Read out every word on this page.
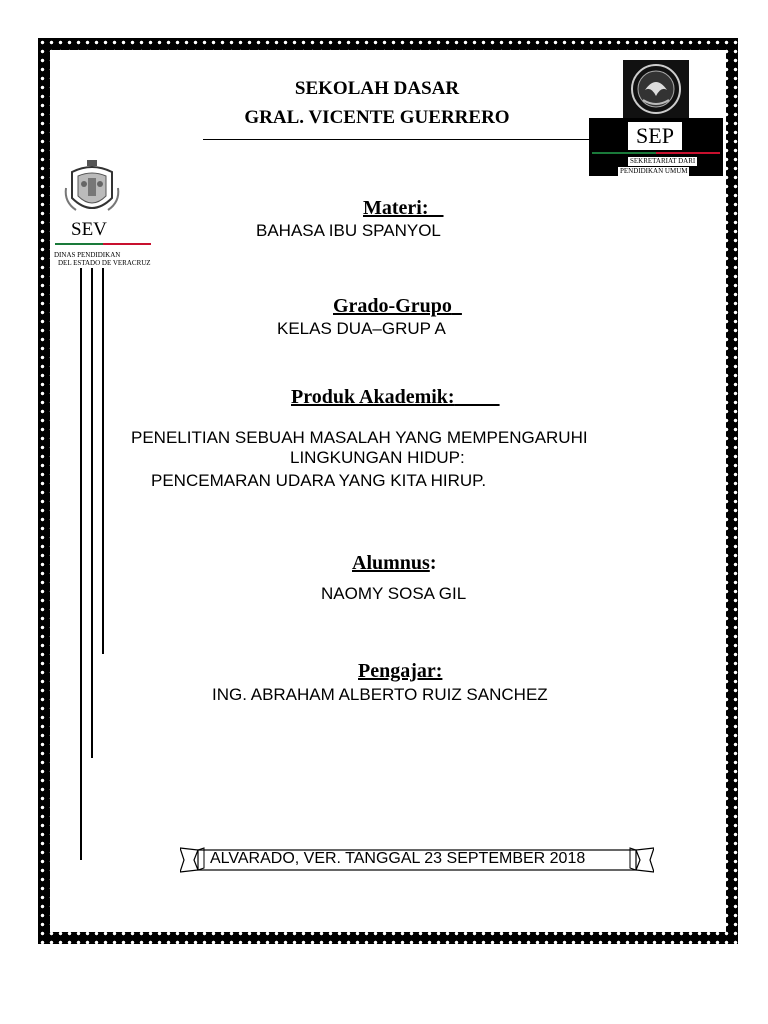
SEKOLAH DASAR
GRAL. VICENTE GUERRERO
SEV
DINAS PENDIDIKAN
DEL ESTADO DE VERACRUZ
SEP
SEKRETARIAT DARI
PENDIDIKAN UMUM
Materi:
BAHASA IBU SPANYOL
Grado-Grupo
KELAS DUA–GRUP A
Produk Akademik:
PENELITIAN SEBUAH MASALAH YANG MEMPENGARUHI
LINGKUNGAN HIDUP:
PENCEMARAN UDARA YANG KITA HIRUP.
Alumnus:
NAOMY SOSA GIL
Pengajar:
ING. ABRAHAM ALBERTO RUIZ SANCHEZ
ALVARADO, VER. TANGGAL 23 SEPTEMBER 2018
